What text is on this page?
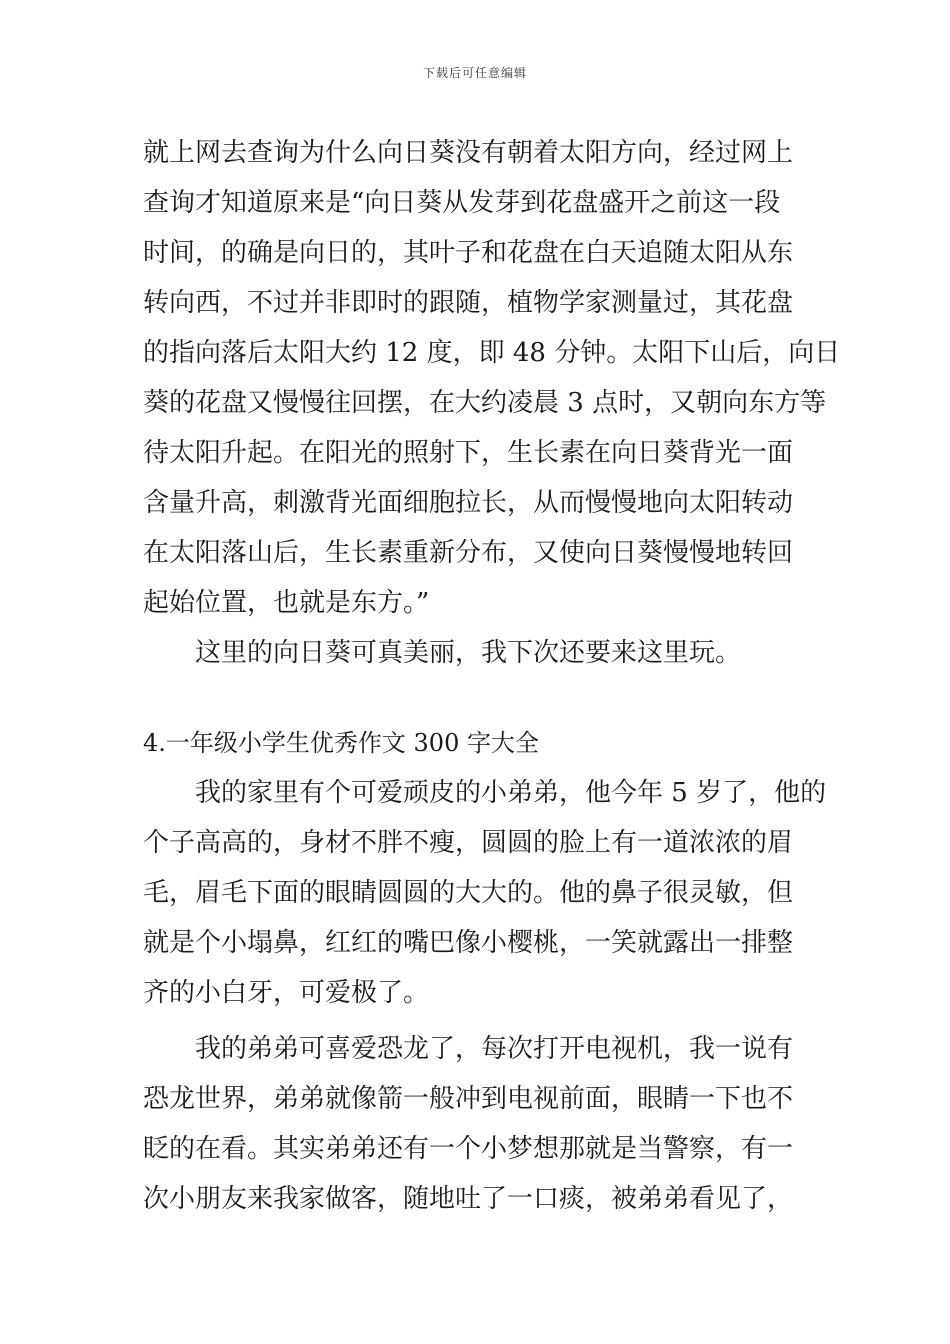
下载后可任意编辑
就上网去查询为什么向日葵没有朝着太阳方向，经过网上
查询才知道原来是“向日葵从发芽到花盘盛开之前这一段
时间，的确是向日的，其叶子和花盘在白天追随太阳从东
转向西，不过并非即时的跟随，植物学家测量过，其花盘
的指向落后太阳大约 12 度，即 48 分钟。太阳下山后，向日
葵的花盘又慢慢往回摆，在大约凌晨 3 点时，又朝向东方等
待太阳升起。在阳光的照射下，生长素在向日葵背光一面
含量升高，刺激背光面细胞拉长，从而慢慢地向太阳转动
在太阳落山后，生长素重新分布，又使向日葵慢慢地转回
起始位置，也就是东方。”
这里的向日葵可真美丽，我下次还要来这里玩。
4.一年级小学生优秀作文 300 字大全
我的家里有个可爱顽皮的小弟弟，他今年 5 岁了，他的
个子高高的，身材不胖不瘦，圆圆的脸上有一道浓浓的眉
毛，眉毛下面的眼睛圆圆的大大的。他的鼻子很灵敏，但
就是个小塌鼻，红红的嘴巴像小樱桃，一笑就露出一排整
齐的小白牙，可爱极了。
我的弟弟可喜爱恐龙了，每次打开电视机，我一说有
恐龙世界，弟弟就像箭一般冲到电视前面，眼睛一下也不
眨的在看。其实弟弟还有一个小梦想那就是当警察，有一
次小朋友来我家做客，随地吐了一口痰，被弟弟看见了，
